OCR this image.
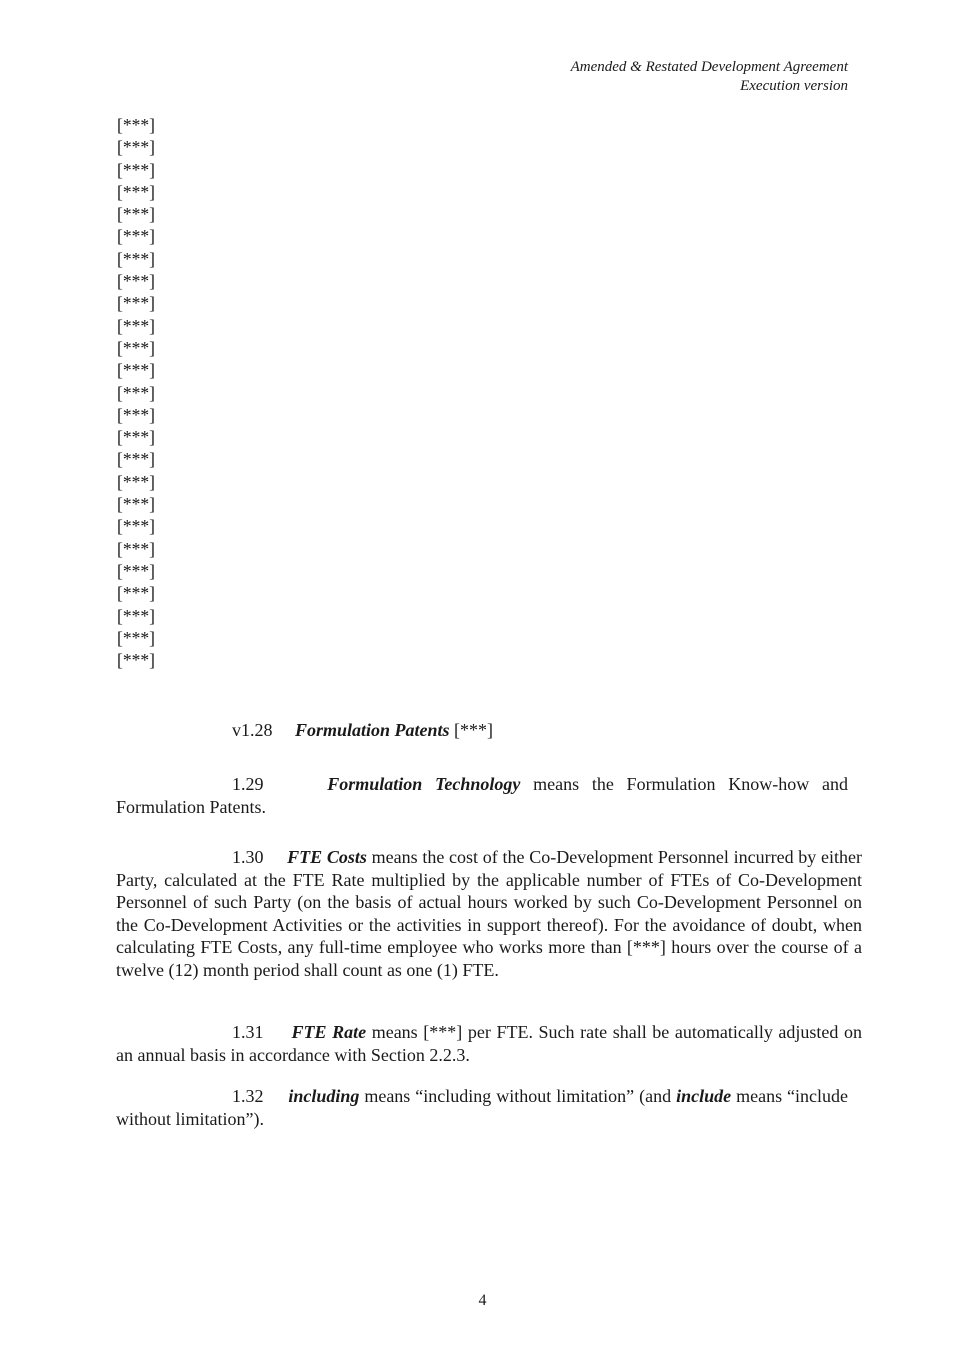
Amended & Restated Development Agreement
Execution version
[***]
[***]
[***]
[***]
[***]
[***]
[***]
[***]
[***]
[***]
[***]
[***]
[***]
[***]
[***]
[***]
[***]
[***]
[***]
[***]
[***]
[***]
[***]
[***]
[***]
v1.28 Formulation Patents [***]
1.29	Formulation Technology means the Formulation Know-how and Formulation Patents.
1.30 FTE Costs means the cost of the Co-Development Personnel incurred by either Party, calculated at the FTE Rate multiplied by the applicable number of FTEs of Co-Development Personnel of such Party (on the basis of actual hours worked by such Co-Development Personnel on the Co-Development Activities or the activities in support thereof). For the avoidance of doubt, when calculating FTE Costs, any full-time employee who works more than [***] hours over the course of a twelve (12) month period shall count as one (1) FTE.
1.31 FTE Rate means [***] per FTE. Such rate shall be automatically adjusted on an annual basis in accordance with Section 2.2.3.
1.32 including means “including without limitation” (and include means “include without limitation”).
4
